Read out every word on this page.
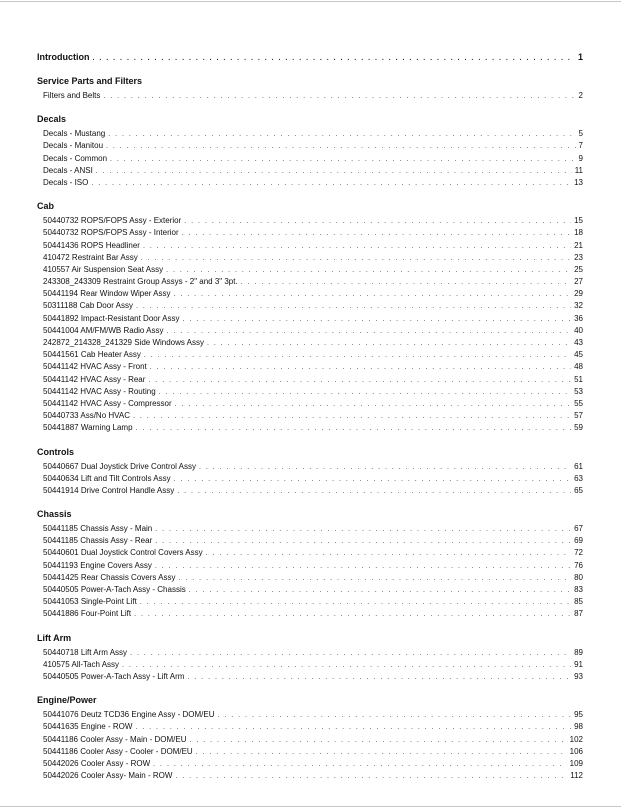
Introduction . . .	1
Service Parts and Filters
Filters and Belts . . .	2
Decals
Decals - Mustang . . .	5
Decals - Manitou . . .	7
Decals - Common . . .	9
Decals - ANSI . . .	11
Decals - ISO . . .	13
Cab
50440732 ROPS/FOPS Assy - Exterior . . .	15
50440732 ROPS/FOPS Assy - Interior . . .	18
50441436 ROPS Headliner . . .	21
410472 Restraint Bar Assy . . .	23
410557 Air Suspension Seat Assy . . .	25
243308_243309 Restraint Group Assys - 2" and 3" 3pt. . . .	27
50441194 Rear Window Wiper Assy . . .	29
50311188 Cab Door Assy . . .	32
50441892 Impact-Resistant Door Assy . . .	36
50441004 AM/FM/WB Radio Assy . . .	40
242872_214328_241329 Side Windows Assy . . .	43
50441561 Cab Heater Assy . . .	45
50441142 HVAC Assy - Front . . .	48
50441142 HVAC Assy - Rear . . .	51
50441142 HVAC Assy - Routing . . .	53
50441142 HVAC Assy - Compressor . . .	55
50440733 Ass/No HVAC . . .	57
50441887 Warning Lamp . . .	59
Controls
50440667 Dual Joystick Drive Control Assy . . .	61
50440634 Lift and Tilt Controls Assy . . .	63
50441914 Drive Control Handle Assy . . .	65
Chassis
50441185 Chassis Assy - Main . . .	67
50441185 Chassis Assy - Rear . . .	69
50440601 Dual Joystick Control Covers Assy . . .	72
50441193 Engine Covers Assy . . .	76
50441425 Rear Chassis Covers Assy . . .	80
50440505 Power-A-Tach Assy - Chassis . . .	83
50441053 Single-Point Lift . . .	85
50441886 Four-Point Lift . . .	87
Lift Arm
50440718 Lift Arm Assy . . .	89
410575 All-Tach Assy . . .	91
50440505 Power-A-Tach Assy - Lift Arm . . .	93
Engine/Power
50441076 Deutz TCD36 Engine Assy - DOM/EU . . .	95
50441635 Engine - ROW . . .	98
50441186 Cooler Assy - Main - DOM/EU . . .	102
50441186 Cooler Assy - Cooler - DOM/EU . . .	106
50442026 Cooler Assy - ROW . . .	109
50442026 Cooler Assy- Main - ROW . . .	112
